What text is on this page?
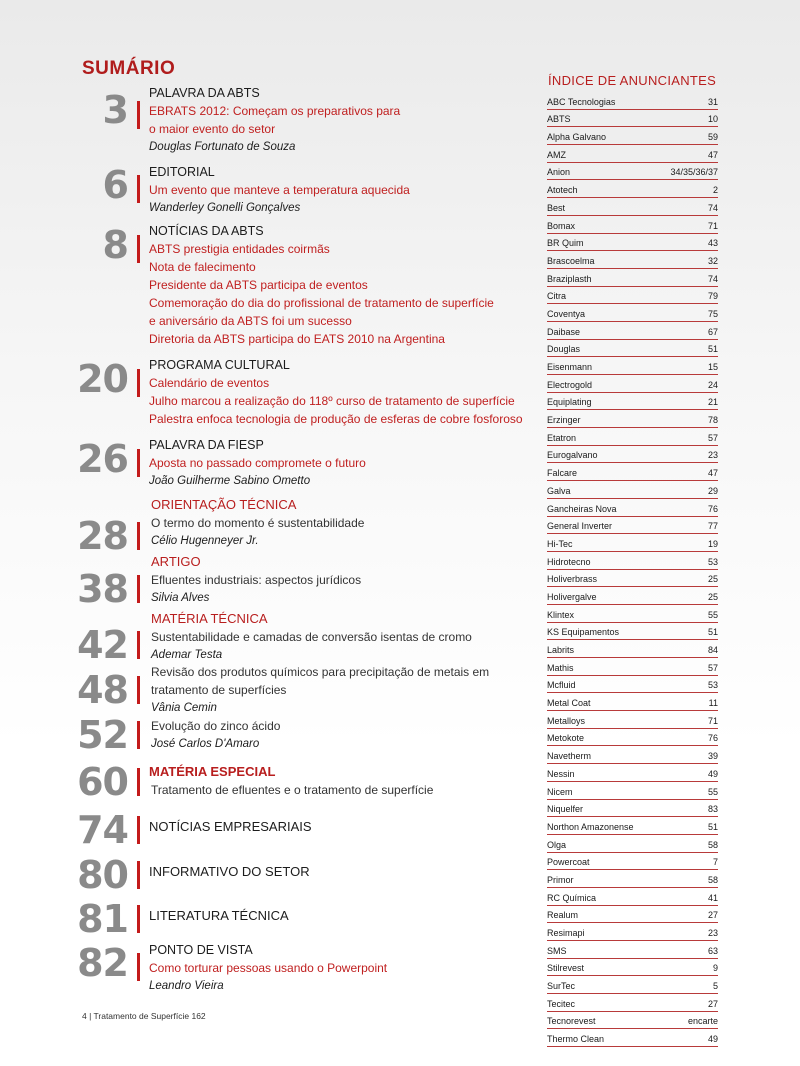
SUMÁRIO
3 PALAVRA DA ABTS
EBRATS 2012: Começam os preparativos para
o maior evento do setor
Douglas Fortunato de Souza
6 EDITORIAL
Um evento que manteve a temperatura aquecida
Wanderley Gonelli Gonçalves
8 NOTÍCIAS DA ABTS
ABTS prestigia entidades coirmãs
Nota de falecimento
Presidente da ABTS participa de eventos
Comemoração do dia do profissional de tratamento de superfície
e aniversário da ABTS foi um sucesso
Diretoria da ABTS participa do EATS 2010 na Argentina
20 PROGRAMA CULTURAL
Calendário de eventos
Julho marcou a realização do 118º curso de tratamento de superfície
Palestra enfoca tecnologia de produção de esferas de cobre fosforoso
26 PALAVRA DA FIESP
Aposta no passado compromete o futuro
João Guilherme Sabino Ometto
28
ORIENTAÇÃO TÉCNICA
O termo do momento é sustentabilidade
Célio Hugenneyer Jr.
38
ARTIGO
Efluentes industriais: aspectos jurídicos
Silvia Alves
42
MATÉRIA TÉCNICA
Sustentabilidade e camadas de conversão isentas de cromo
Ademar Testa
48 Revisão dos produtos químicos para precipitação de metais em
tratamento de superfícies
Vânia Cemin
52 Evolução do zinco ácido
José Carlos D'Amaro
60 MATÉRIA ESPECIAL
Tratamento de efluentes e o tratamento de superfície
74 NOTÍCIAS EMPRESARIAIS
80 INFORMATIVO DO SETOR
81 LITERATURA TÉCNICA
82 PONTO DE VISTA
Como torturar pessoas usando o Powerpoint
Leandro Vieira
ÍNDICE DE ANUNCIANTES
ABC Tecnologias	31
ABTS	10
Alpha Galvano	59
AMZ	47
Anion	34/35/36/37
Atotech	2
Best	74
Bomax	71
BR Quim	43
Brascoelma	32
Braziplasth	74
Citra	79
Coventya	75
Daibase	67
Douglas	51
Eisenmann	15
Electrogold	24
Equiplating	21
Erzinger	78
Etatron	57
Eurogalvano	23
Falcare	47
Galva	29
Gancheiras Nova	76
General Inverter	77
Hi-Tec	19
Hidrotecno	53
Holiverbrass	25
Holivergalve	25
Klintex	55
KS Equipamentos	51
Labrits	84
Mathis	57
Mcfluid	53
Metal Coat	11
Metalloys	71
Metokote	76
Navetherm	39
Nessin	49
Nicem	55
Niquelfer	83
Northon Amazonense	51
Olga	58
Powercoat	7
Primor	58
RC Química	41
Realum	27
Resimapi	23
SMS	63
Stilrevest	9
SurTec	5
Tecitec	27
Tecnorevest	encarte
Thermo Clean	49
4 | Tratamento de Superfície 162
